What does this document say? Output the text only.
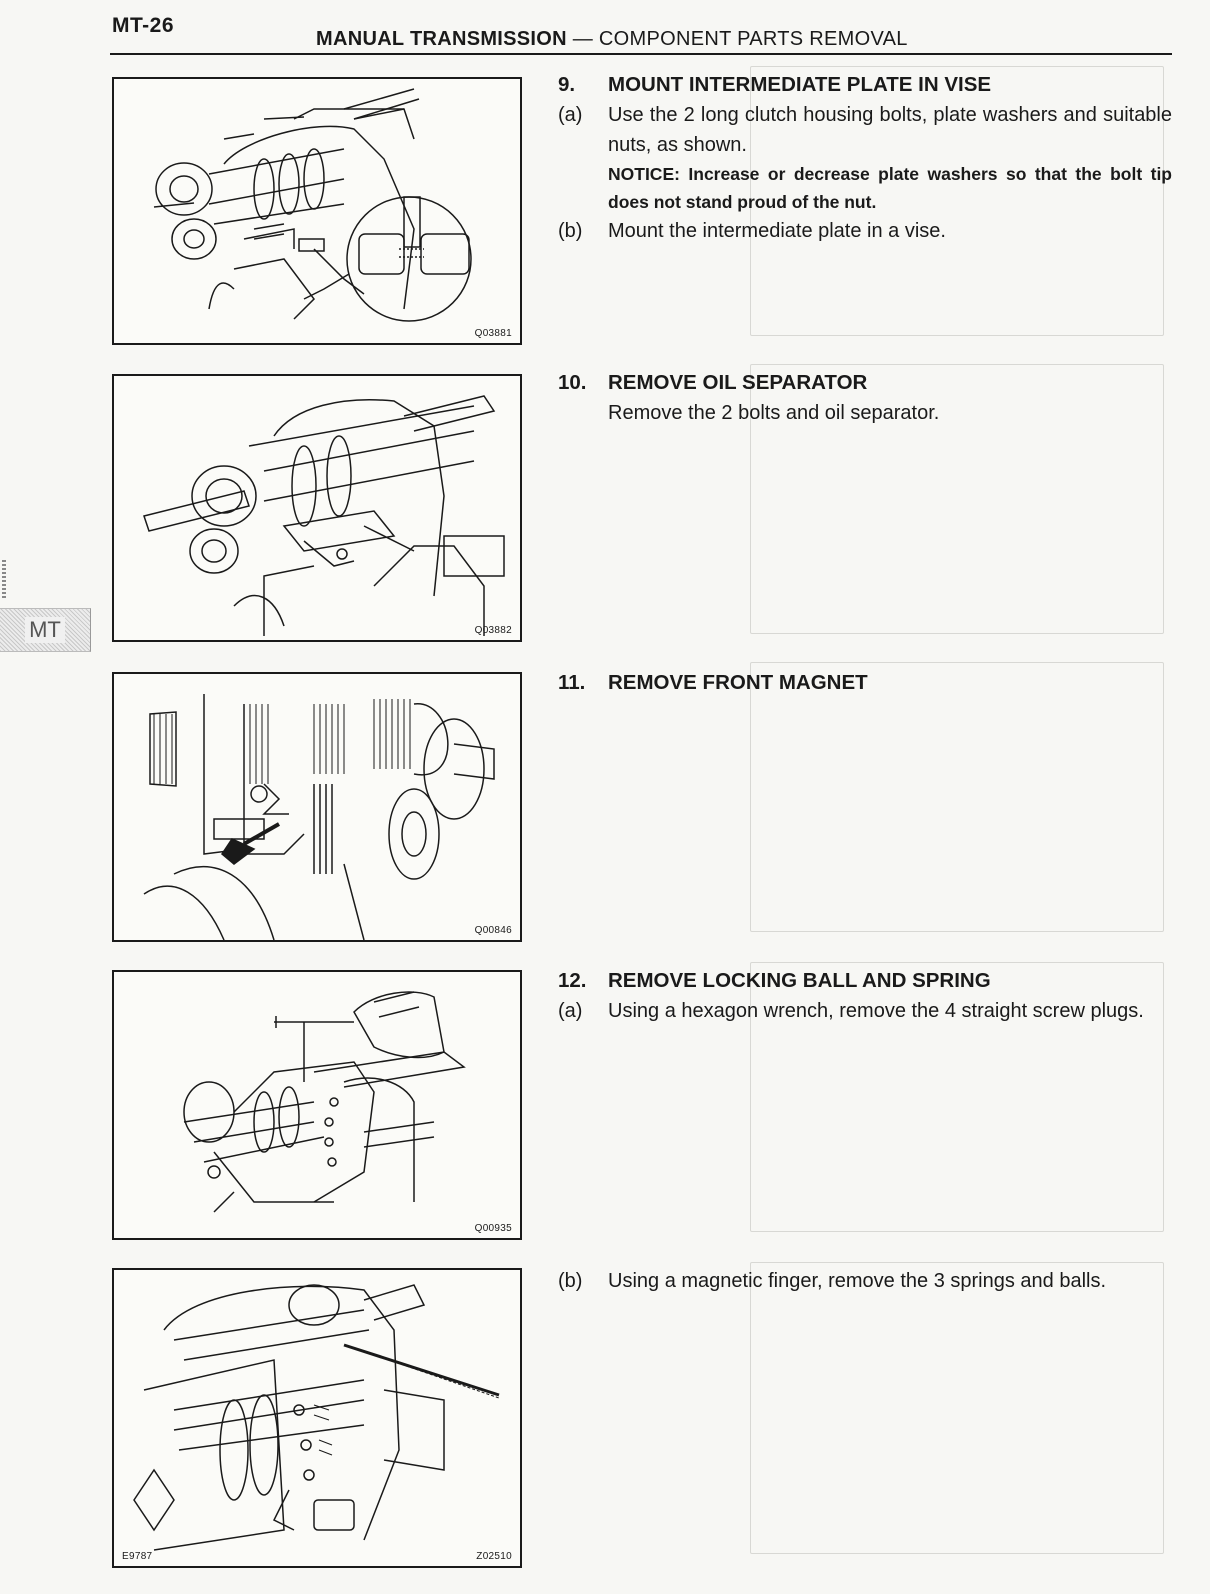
MT-26
MANUAL TRANSMISSION — COMPONENT PARTS REMOVAL
MT
Q03881
9.	MOUNT INTERMEDIATE PLATE IN VISE
(a)	Use the 2 long clutch housing bolts, plate washers and suitable nuts, as shown.
NOTICE: Increase or decrease plate washers so that the bolt tip does not stand proud of the nut.
(b)	Mount the intermediate plate in a vise.
Q03882
10.	REMOVE OIL SEPARATOR
Remove the 2 bolts and oil separator.
Q00846
11.	REMOVE FRONT MAGNET
Q00935
12.	REMOVE LOCKING BALL AND SPRING
(a)	Using a hexagon wrench, remove the 4 straight screw plugs.
E9787	Z02510
(b)	Using a magnetic finger, remove the 3 springs and balls.
